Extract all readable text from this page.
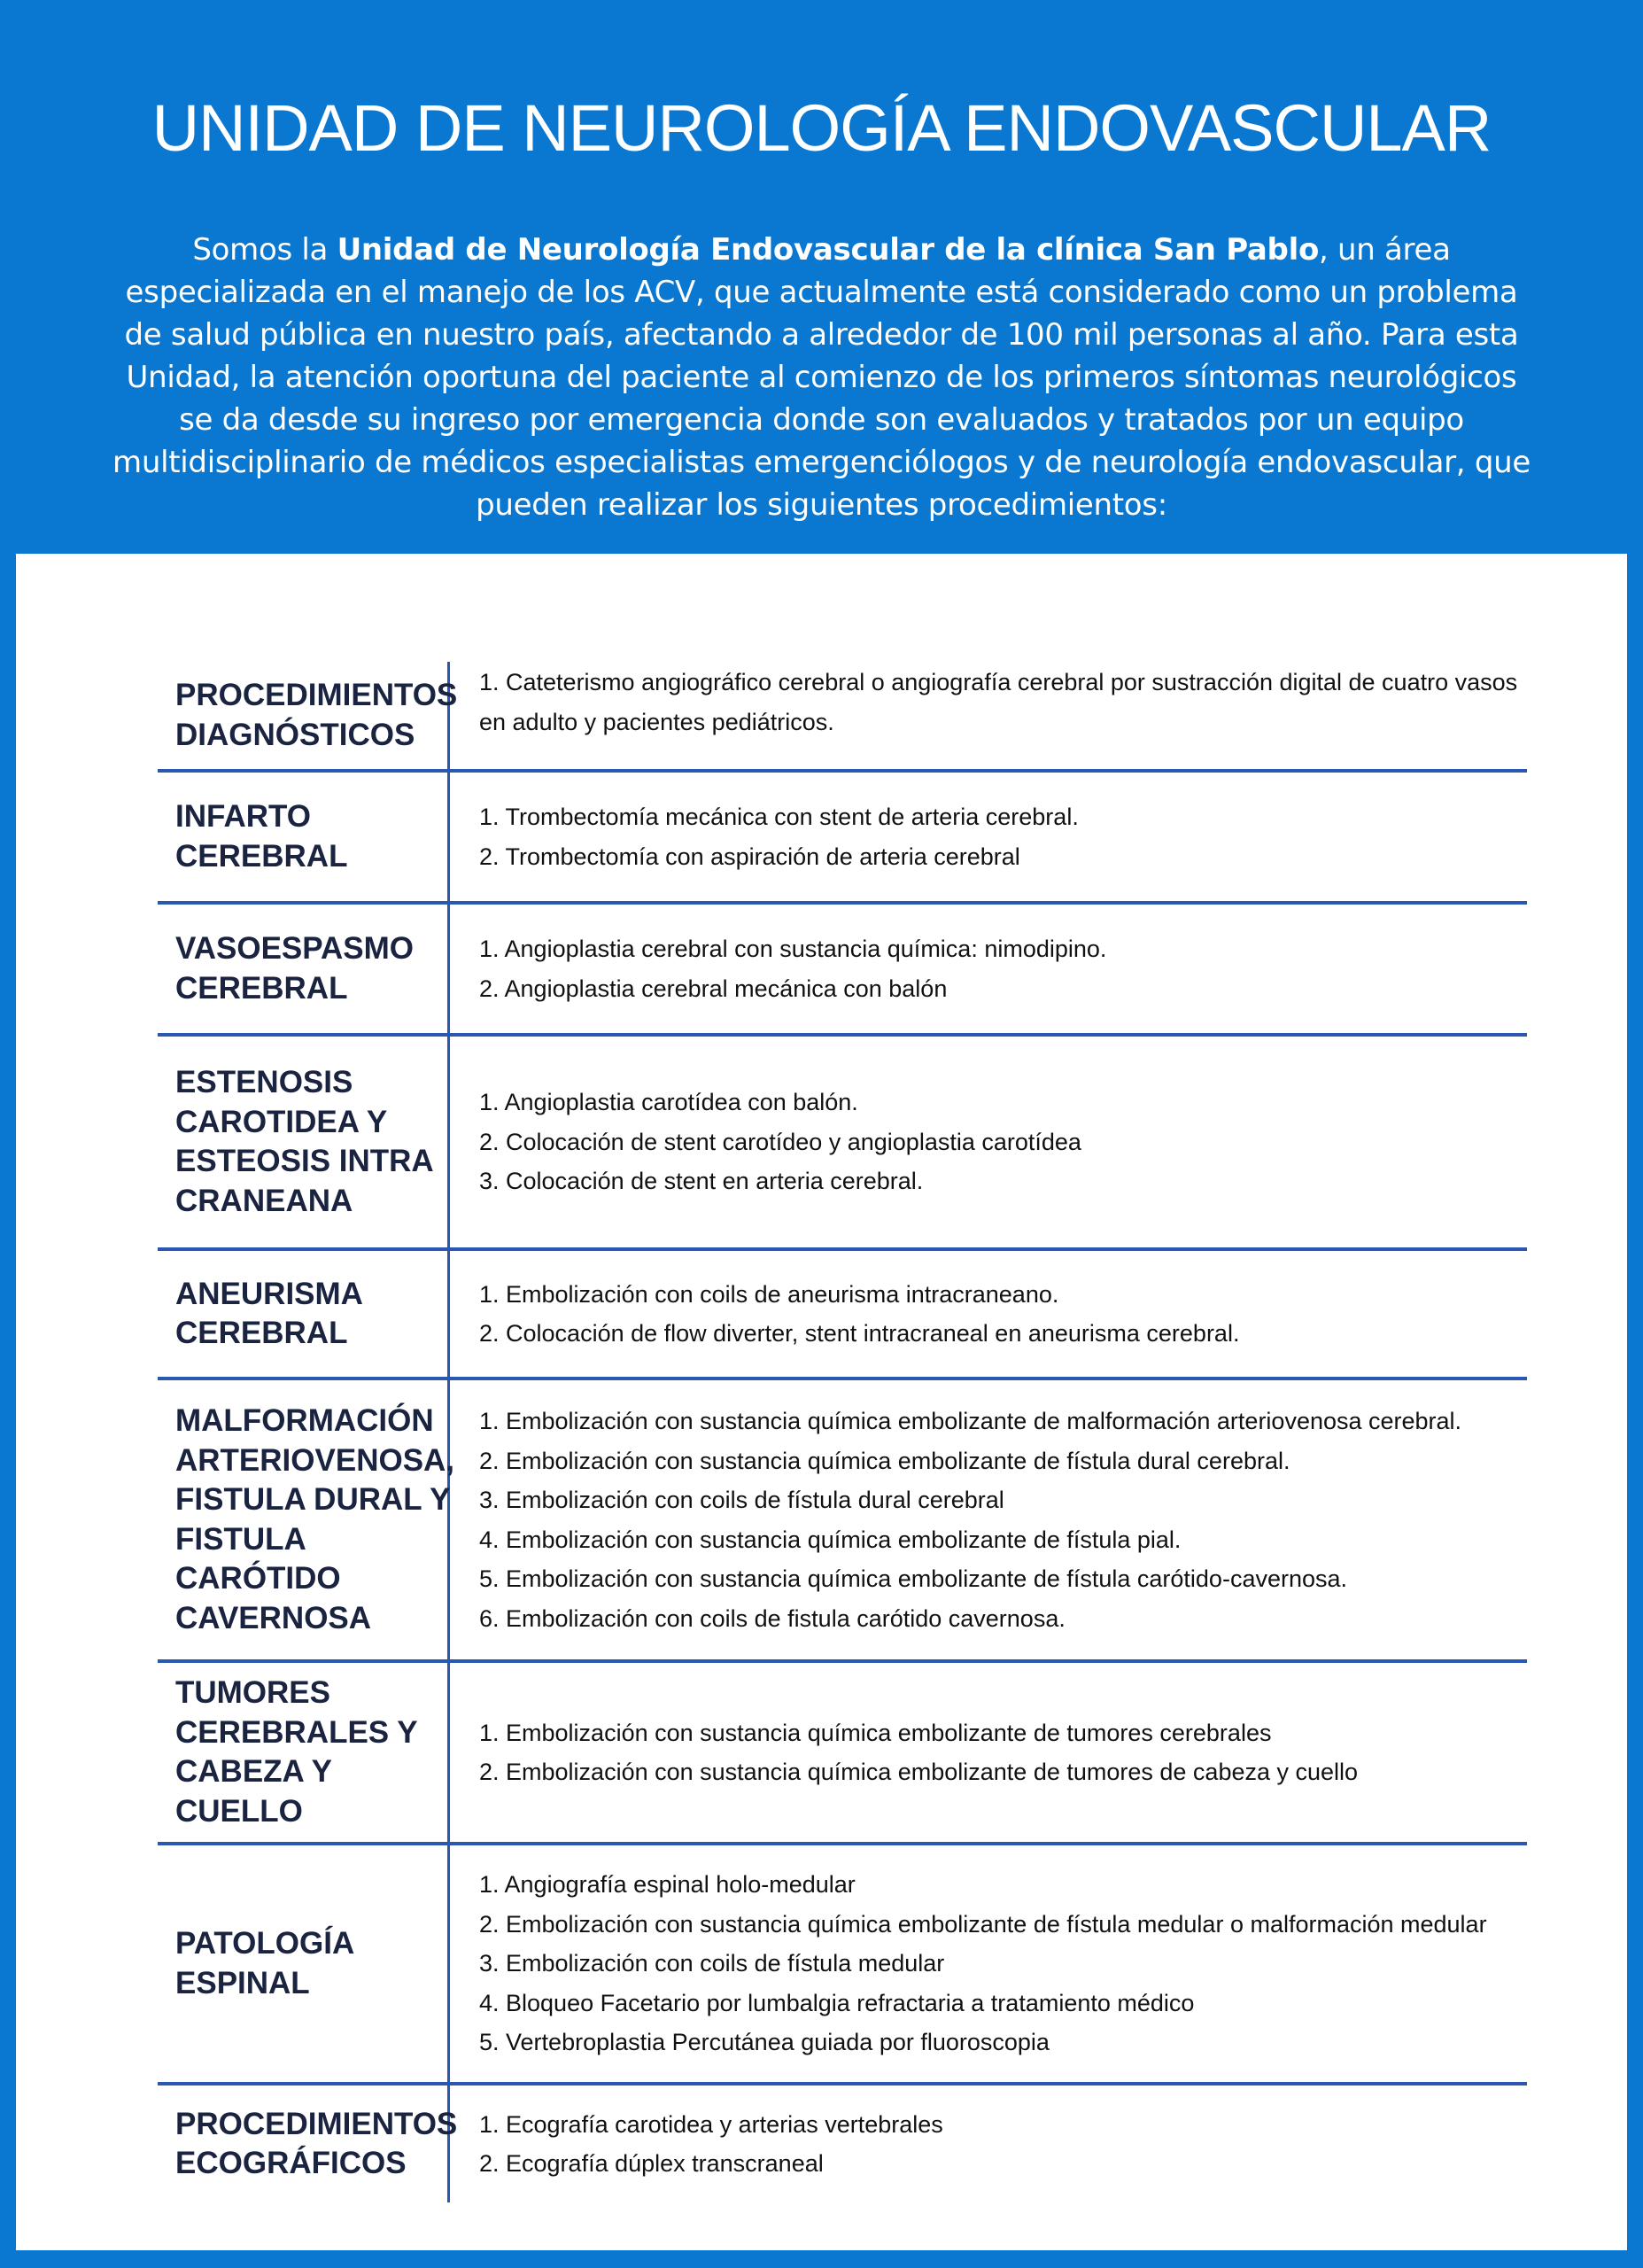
UNIDAD DE NEUROLOGÍA ENDOVASCULAR
Somos la Unidad de Neurología Endovascular de la clínica San Pablo, un área especializada en el manejo de los ACV, que actualmente está considerado como un problema de salud pública en nuestro país, afectando a alrededor de 100 mil personas al año. Para esta Unidad, la atención oportuna del paciente al comienzo de los primeros síntomas neurológicos se da desde su ingreso por emergencia donde son evaluados y tratados por un equipo multidisciplinario de médicos especialistas emergenciólogos y de neurología endovascular, que pueden realizar los siguientes procedimientos:
PROCEDIMIENTOS
DIAGNÓSTICOS
1. Cateterismo angiográfico cerebral o angiografía cerebral por sustracción digital de cuatro vasos
en adulto y pacientes pediátricos.
INFARTO
CEREBRAL
1. Trombectomía mecánica con stent de arteria cerebral.
2. Trombectomía con aspiración de arteria cerebral
VASOESPASMO
CEREBRAL
1. Angioplastia cerebral con sustancia química: nimodipino.
2. Angioplastia cerebral mecánica con balón
ESTENOSIS
CAROTIDEA Y
ESTEOSIS INTRA
CRANEANA
1. Angioplastia carotídea con balón.
2. Colocación de stent carotídeo y angioplastia carotídea
3. Colocación de stent en arteria cerebral.
ANEURISMA
CEREBRAL
1. Embolización con coils de aneurisma intracraneano.
2. Colocación de flow diverter, stent intracraneal en aneurisma cerebral.
MALFORMACIÓN
ARTERIOVENOSA,
FISTULA DURAL Y
FISTULA CARÓTIDO
CAVERNOSA
1. Embolización con sustancia química embolizante de malformación arteriovenosa cerebral.
2. Embolización con sustancia química embolizante de fístula dural cerebral.
3. Embolización con coils de fístula dural cerebral
4. Embolización con sustancia química embolizante de fístula pial.
5. Embolización con sustancia química embolizante de fístula carótido-cavernosa.
6. Embolización con coils de fistula carótido cavernosa.
TUMORES
CEREBRALES Y
CABEZA Y CUELLO
1. Embolización con sustancia química embolizante de tumores cerebrales
2. Embolización con sustancia química embolizante de tumores de cabeza y cuello
PATOLOGÍA
ESPINAL
1. Angiografía espinal holo-medular
2. Embolización con sustancia química embolizante de fístula medular o malformación medular
3. Embolización con coils de fístula medular
4. Bloqueo Facetario por lumbalgia refractaria a tratamiento médico
5. Vertebroplastia Percutánea guiada por fluoroscopia
PROCEDIMIENTOS
ECOGRÁFICOS
1. Ecografía carotidea y arterias vertebrales
2. Ecografía dúplex transcraneal
